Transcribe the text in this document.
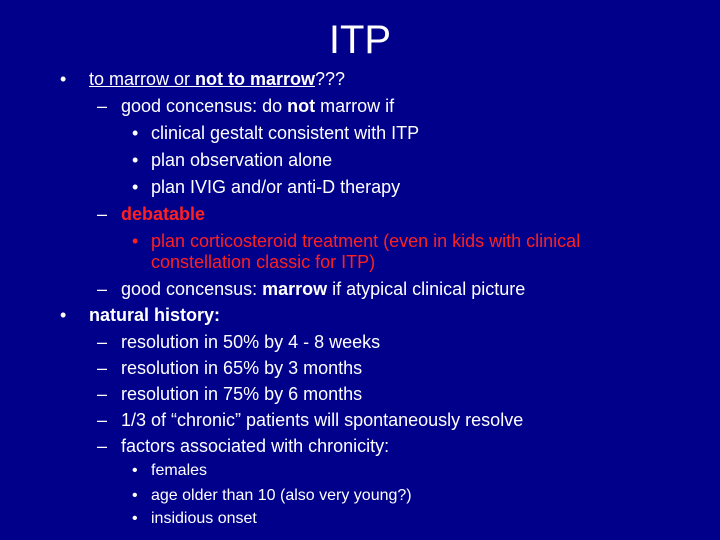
ITP
• to marrow or not to marrow???
– good concensus: do not marrow if
• clinical gestalt consistent with ITP
• plan observation alone
• plan IVIG and/or anti-D therapy
– debatable
• plan corticosteroid treatment (even in kids with clinical
constellation classic for ITP)
– good concensus: marrow if atypical clinical picture
• natural history:
– resolution in 50% by 4 - 8 weeks
– resolution in 65% by 3 months
– resolution in 75% by 6 months
– 1/3 of “chronic” patients will spontaneously resolve
– factors associated with chronicity:
• females
• age older than 10 (also very young?)
• insidious onset
